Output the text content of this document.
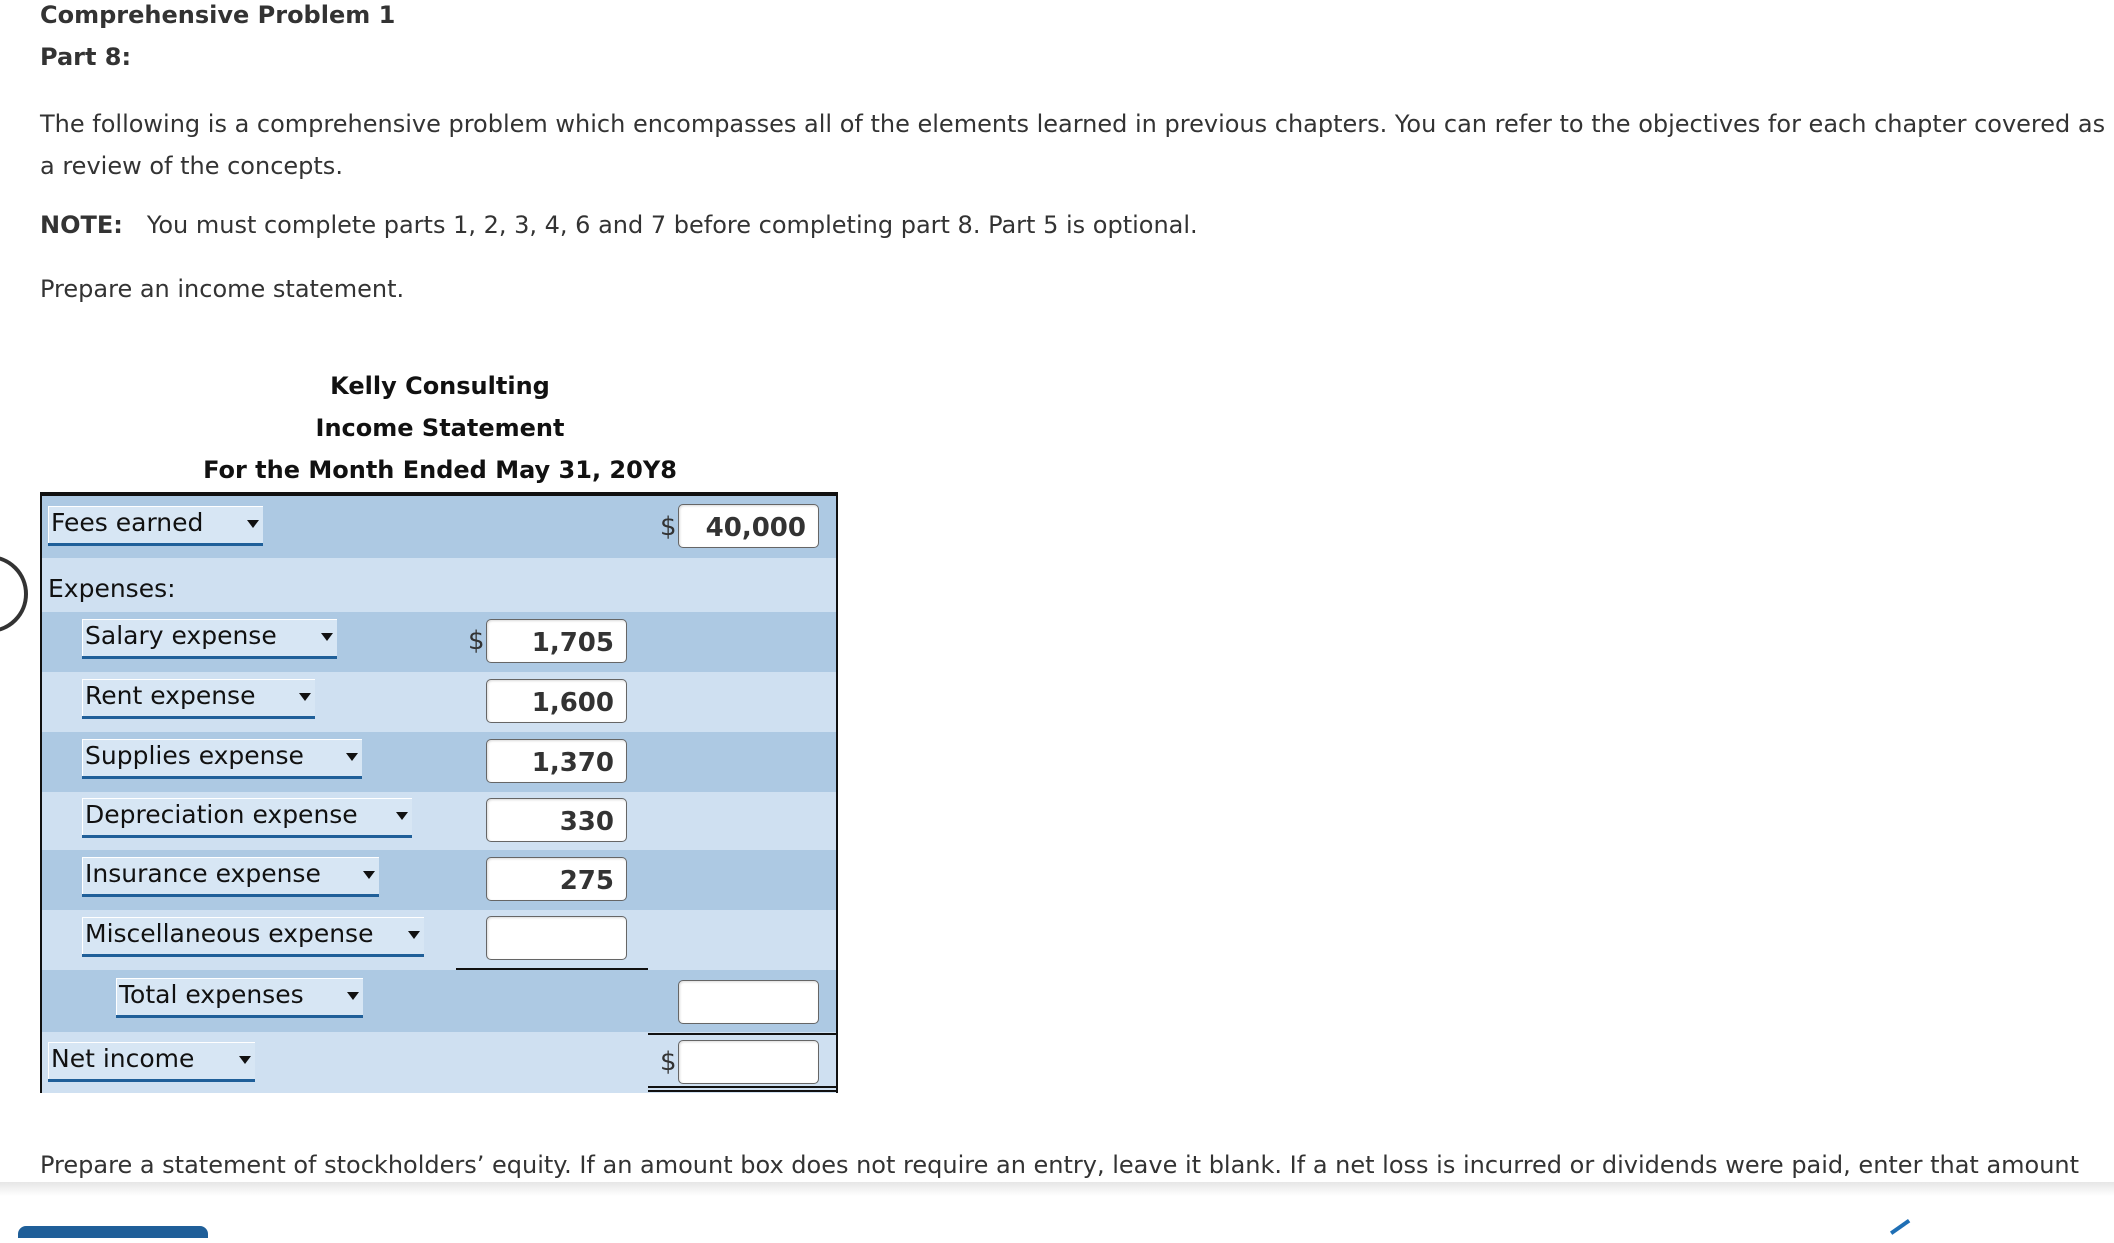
Comprehensive Problem 1
Part 8:
The following is a comprehensive problem which encompasses all of the elements learned in previous chapters. You can refer to the objectives for each chapter covered as a review of the concepts.
NOTE: You must complete parts 1, 2, 3, 4, 6 and 7 before completing part 8. Part 5 is optional.
Prepare an income statement.
Kelly Consulting
Income Statement
For the Month Ended May 31, 20Y8
Fees earned	$	40,000
Expenses:
Salary expense	$	1,705
Rent expense	1,600
Supplies expense	1,370
Depreciation expense	330
Insurance expense	275
Miscellaneous expense
Total expenses
Net income	$
Prepare a statement of stockholders’ equity. If an amount box does not require an entry, leave it blank. If a net loss is incurred or dividends were paid, enter that amount
